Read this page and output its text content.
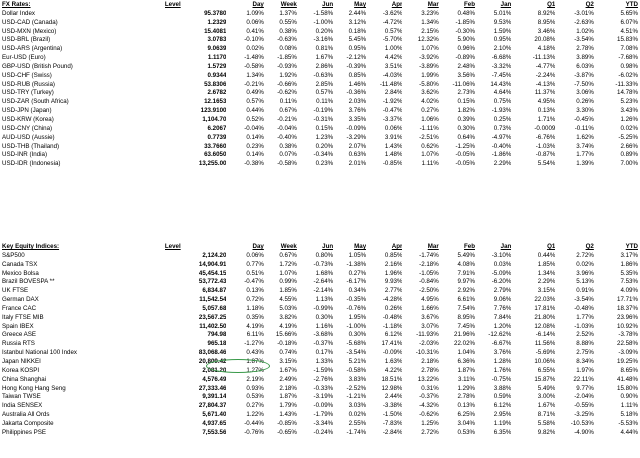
FX Rates:	Level	Day	Week	Jun	May	Apr	Mar	Feb	Jan	Q1	Q2	YTD
Dollar Index	95.3780	1.09%	1.37%	-1.58%	2.44%	-3.62%	3.23%	0.48%	5.01%	8.92%	-3.01%	5.65%
USD-CAD (Canada)	1.2329	0.06%	0.55%	-1.00%	3.12%	-4.72%	1.34%	-1.85%	9.53%	8.95%	-2.63%	6.07%
USD-MXN (Mexico)	15.4081	0.41%	0.38%	0.20%	0.18%	0.57%	2.15%	-0.30%	1.59%	3.46%	1.02%	4.51%
USD-BRL (Brazil)	3.0783	-0.10%	-0.63%	-3.16%	5.45%	-5.70%	12.32%	5.90%	0.95%	20.08%	-3.54%	15.83%
USD-ARS (Argentina)	9.0639	0.02%	0.08%	0.81%	0.95%	1.00%	1.07%	0.96%	2.10%	4.18%	2.78%	7.08%
Eur-USD (Euro)	1.1170	-1.48%	-1.85%	1.67%	-2.12%	4.42%	-3.92%	-0.89%	-6.68%	-11.13%	3.89%	-7.68%
GBP-USD (British Pound)	1.5729	-0.58%	-0.93%	2.86%	-0.39%	3.51%	-3.89%	2.48%	-3.32%	-4.77%	6.03%	0.98%
USD-CHF (Swiss)	0.9344	1.34%	1.92%	-0.63%	0.85%	-4.03%	1.99%	3.56%	-7.45%	-2.24%	-3.87%	-6.02%
USD-RUB (Russia)	53.8306	-0.21%	-0.66%	2.85%	1.46%	-11.48%	-5.80%	-11.06%	14.43%	-4.13%	-7.50%	-11.33%
USD-TRY (Turkey)	2.6782	0.49%	-0.62%	0.57%	-0.36%	2.84%	3.62%	2.73%	4.64%	11.37%	3.06%	14.78%
USD-ZAR (South Africa)	12.1653	0.57%	0.11%	0.11%	2.03%	-1.92%	4.02%	0.15%	0.75%	4.95%	0.26%	5.23%
USD-JPN (Japan)	123.9100	0.44%	0.67%	-0.19%	3.76%	-0.47%	0.27%	1.82%	-1.93%	0.13%	3.30%	3.43%
USD-KRW (Korea)	1,104.70	0.52%	-0.21%	-0.31%	3.35%	-3.37%	1.06%	0.39%	0.25%	1.71%	-0.45%	1.26%
USD-CNY (China)	6.2067	-0.04%	-0.04%	0.15%	-0.09%	0.06%	-1.11%	0.30%	0.73%	-0.0009	-0.11%	0.02%
AUD-USD (Aussie)	0.7739	0.14%	-0.40%	1.23%	-3.29%	3.91%	-2.51%	0.64%	-4.97%	-6.76%	1.62%	-5.25%
USD-THB (Thailand)	33.7660	0.23%	0.38%	0.20%	2.07%	1.43%	0.62%	-1.25%	-0.40%	-1.03%	3.74%	2.66%
USD-INR (India)	63.6050	0.14%	0.07%	-0.34%	0.63%	1.48%	1.07%	-0.05%	-1.86%	-0.87%	1.77%	0.89%
USD-IDR (Indonesia)	13,255.00	-0.38%	-0.58%	0.23%	2.01%	-0.85%	1.11%	-0.05%	2.29%	5.54%	1.39%	7.00%
Key Equity Indices:	Level	Day	Week	Jun	May	Apr	Mar	Feb	Jan	Q1	Q2	YTD
S&P500	2,124.20	0.06%	0.67%	0.80%	1.05%	0.85%	-1.74%	5.49%	-3.10%	0.44%	2.72%	3.17%
Canada TSX	14,904.91	0.77%	1.72%	-0.73%	-1.38%	2.16%	-2.18%	4.08%	0.03%	1.85%	0.02%	1.86%
Mexico Bolsa	45,454.15	0.51%	1.07%	1.68%	0.27%	1.96%	-1.05%	7.91%	-5.09%	1.34%	3.96%	5.35%
Brazil BOVESPA **	53,772.43	-0.47%	0.99%	-2.64%	-6.17%	9.93%	-0.84%	9.97%	-6.20%	2.29%	5.13%	7.53%
UK FTSE	6,834.87	0.13%	1.85%	-2.14%	0.34%	2.77%	-2.50%	2.92%	2.79%	3.15%	0.91%	4.09%
German DAX	11,542.54	0.72%	4.55%	1.13%	-0.35%	-4.28%	4.95%	6.61%	9.06%	22.03%	-3.54%	17.71%
France CAC	5,057.68	1.18%	5.03%	-0.99%	-0.76%	0.26%	1.66%	7.54%	7.76%	17.81%	-0.48%	18.37%
Italy FTSE MIB	23,567.25	0.35%	3.82%	0.30%	1.95%	-0.48%	3.67%	8.95%	7.84%	21.80%	1.77%	23.96%
Spain IBEX	11,402.50	4.19%	4.19%	1.16%	-1.00%	-1.18%	3.07%	7.45%	1.20%	12.08%	-1.03%	10.92%
Greece ASE	794.98	6.11%	15.66%	-3.68%	0.30%	6.12%	-11.93%	21.96%	-12.62%	-6.14%	2.52%	-3.78%
Russia RTS	965.18	-1.27%	-0.18%	-0.37%	-5.68%	17.41%	-2.03%	22.02%	-6.67%	11.56%	8.88%	22.58%
Istanbul National 100 Index	83,068.46	0.43%	0.74%	0.17%	-3.54%	-0.09%	-10.31%	1.04%	3.76%	-5.69%	2.75%	-3.09%
Japan NIKKEI	20,809.42	1.87%	3.15%	1.33%	5.21%	1.63%	2.18%	6.36%	1.28%	10.06%	8.34%	19.25%
Korea KOSPI	2,081.20	1.27%	1.67%	-1.59%	-0.58%	4.22%	2.78%	1.87%	1.76%	6.55%	1.97%	8.65%
China Shanghai	4,576.49	2.19%	2.49%	-2.76%	3.83%	18.51%	13.22%	3.11%	-0.75%	15.87%	22.11%	41.48%
Hong Kong Hang Seng	27,333.46	0.93%	2.18%	-0.33%	-2.52%	12.98%	0.31%	1.29%	3.88%	5.49%	9.77%	15.80%
Taiwan TWSE	9,391.14	0.53%	1.87%	-3.19%	-1.21%	2.44%	-0.37%	2.78%	0.59%	3.00%	-2.04%	0.90%
India SENSEX	27,804.37	0.27%	1.79%	-0.09%	3.03%	-3.38%	-4.32%	0.13%	6.12%	1.67%	-0.55%	1.11%
Australia All Ords	5,671.40	1.22%	1.43%	-1.79%	0.02%	-1.50%	-0.62%	6.25%	2.95%	8.71%	-3.25%	5.18%
Jakarta Composite	4,937.65	-0.44%	-0.85%	-3.34%	2.55%	-7.83%	1.25%	3.04%	1.19%	5.58%	-10.53%	-5.53%
Philippines PSE	7,553.56	-0.76%	-0.65%	-0.24%	-1.74%	-2.84%	2.72%	0.53%	6.35%	9.82%	-4.90%	4.44%
